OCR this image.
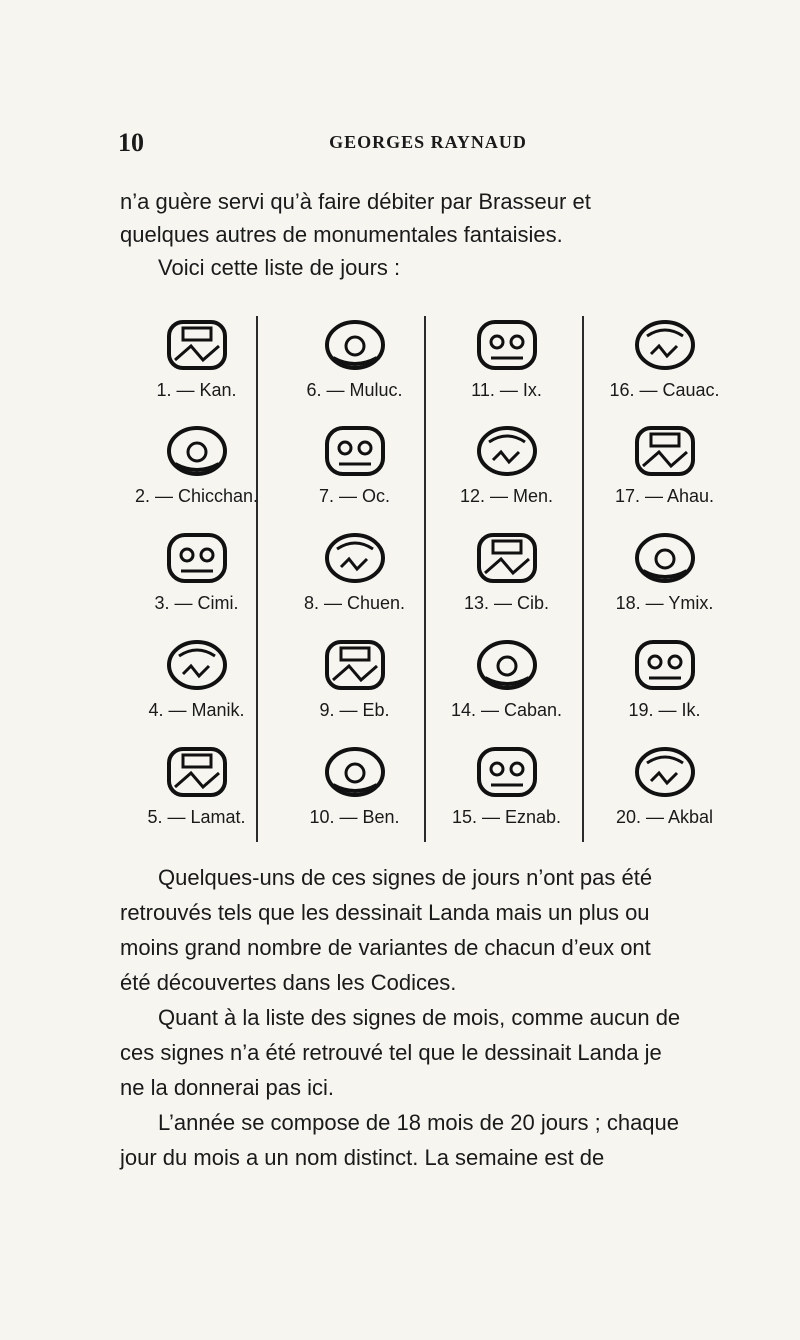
10	GEORGES RAYNAUD
n’a guère servi qu’à faire débiter par Brasseur et
quelques autres de monumentales fantaisies.
Voici cette liste de jours :
1. — Kan.
2. — Chicchan.
3. — Cimi.
4. — Manik.
5. — Lamat.
6. — Muluc.
7. — Oc.
8. — Chuen.
9. — Eb.
10. — Ben.
11. — Ix.
12. — Men.
13. — Cib.
14. — Caban.
15. — Eznab.
16. — Cauac.
17. — Ahau.
18. — Ymix.
19. — Ik.
20. — Akbal
Quelques-uns de ces signes de jours n’ont pas été
retrouvés tels que les dessinait Landa mais un plus ou
moins grand nombre de variantes de chacun d’eux ont
été découvertes dans les Codices.
Quant à la liste des signes de mois, comme aucun de
ces signes n’a été retrouvé tel que le dessinait Landa je
ne la donnerai pas ici.
L’année se compose de 18 mois de 20 jours ; chaque
jour du mois a un nom distinct. La semaine est de
